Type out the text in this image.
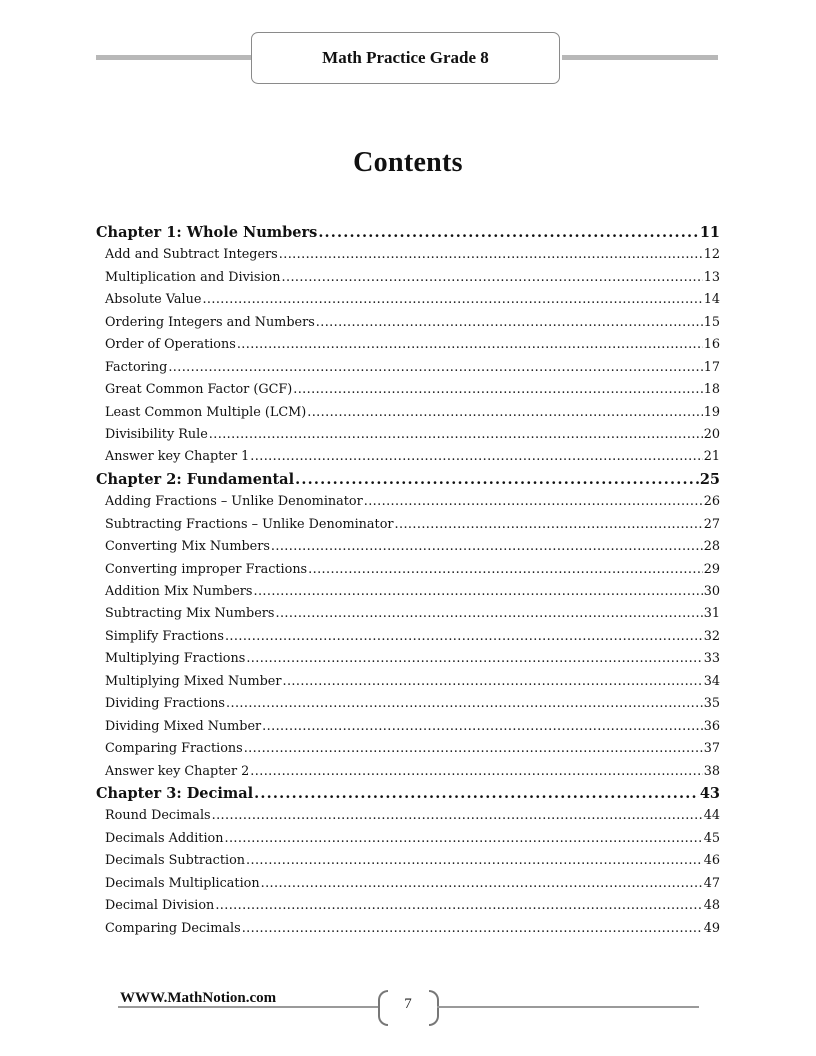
Math Practice Grade 8
Contents
Chapter 1: Whole Numbers .....	11
Add and Subtract Integers .....	12
Multiplication and Division .....	13
Absolute Value .....	14
Ordering Integers and Numbers .....	15
Order of Operations .....	16
Factoring .....	17
Great Common Factor (GCF) .....	18
Least Common Multiple (LCM) .....	19
Divisibility Rule .....	20
Answer key Chapter 1 .....	21
Chapter 2: Fundamental .....	25
Adding Fractions – Unlike Denominator .....	26
Subtracting Fractions – Unlike Denominator .....	27
Converting Mix Numbers .....	28
Converting improper Fractions .....	29
Addition Mix Numbers .....	30
Subtracting Mix Numbers .....	31
Simplify Fractions .....	32
Multiplying Fractions .....	33
Multiplying Mixed Number .....	34
Dividing Fractions .....	35
Dividing Mixed Number .....	36
Comparing Fractions .....	37
Answer key Chapter 2 .....	38
Chapter 3: Decimal .....	43
Round Decimals .....	44
Decimals Addition .....	45
Decimals Subtraction .....	46
Decimals Multiplication .....	47
Decimal Division .....	48
Comparing Decimals .....	49
WWW.MathNotion.com	7
